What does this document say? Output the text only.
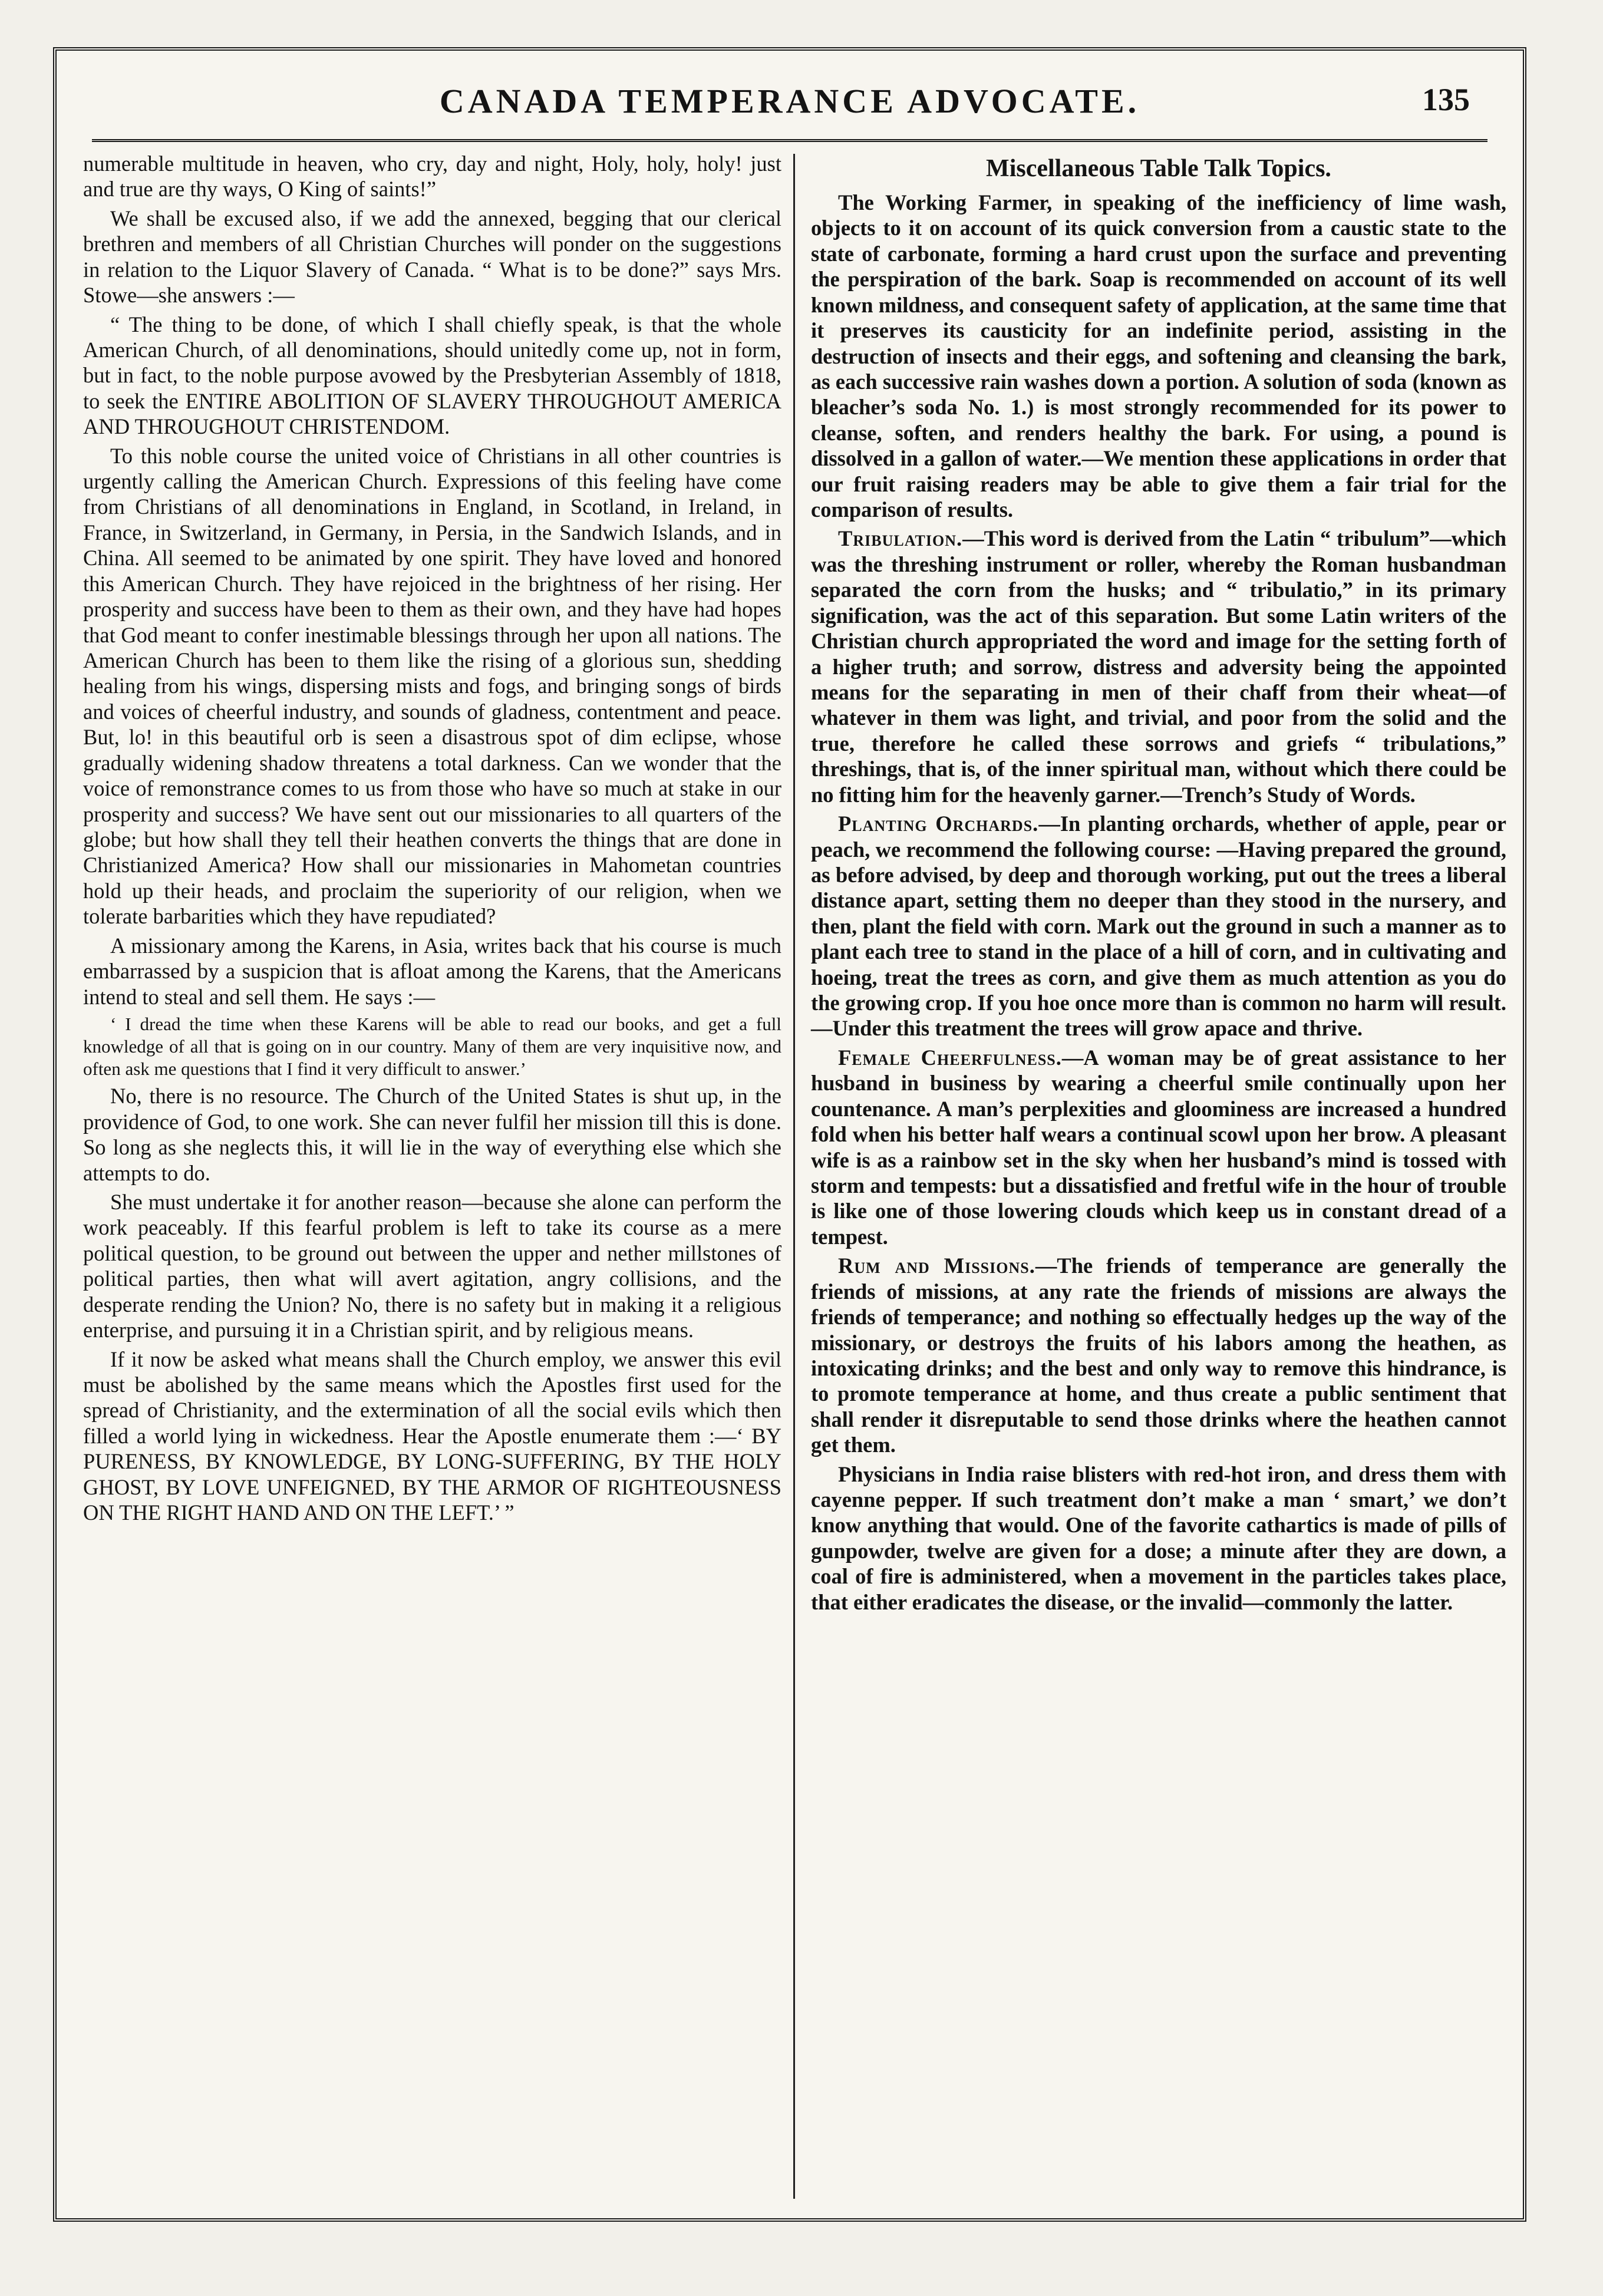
CANADA TEMPERANCE ADVOCATE.	135

numerable multitude in heaven, who cry, day and night, Holy, holy, holy! just and true are thy ways, O King of saints!”

We shall be excused also, if we add the annexed, begging that our clerical brethren and members of all Christian Churches will ponder on the suggestions in relation to the Liquor Slavery of Canada. “ What is to be done?” says Mrs. Stowe—she answers :—

“ The thing to be done, of which I shall chiefly speak, is that the whole American Church, of all denominations, should unitedly come up, not in form, but in fact, to the noble purpose avowed by the Presbyterian Assembly of 1818, to seek the ENTIRE ABOLITION OF SLAVERY THROUGHOUT AMERICA AND THROUGHOUT CHRISTENDOM.

To this noble course the united voice of Christians in all other countries is urgently calling the American Church. Expressions of this feeling have come from Christians of all denominations in England, in Scotland, in Ireland, in France, in Switzerland, in Germany, in Persia, in the Sandwich Islands, and in China. All seemed to be animated by one spirit. They have loved and honored this American Church. They have rejoiced in the brightness of her rising. Her prosperity and success have been to them as their own, and they have had hopes that God meant to confer inestimable blessings through her upon all nations. The American Church has been to them like the rising of a glorious sun, shedding healing from his wings, dispersing mists and fogs, and bringing songs of birds and voices of cheerful industry, and sounds of gladness, contentment and peace. But, lo! in this beautiful orb is seen a disastrous spot of dim eclipse, whose gradually widening shadow threatens a total darkness. Can we wonder that the voice of remonstrance comes to us from those who have so much at stake in our prosperity and success? We have sent out our missionaries to all quarters of the globe; but how shall they tell their heathen converts the things that are done in Christianized America? How shall our missionaries in Mahometan countries hold up their heads, and proclaim the superiority of our religion, when we tolerate barbarities which they have repudiated?

A missionary among the Karens, in Asia, writes back that his course is much embarrassed by a suspicion that is afloat among the Karens, that the Americans intend to steal and sell them. He says :—

‘ I dread the time when these Karens will be able to read our books, and get a full knowledge of all that is going on in our country. Many of them are very inquisitive now, and often ask me questions that I find it very difficult to answer.’

No, there is no resource. The Church of the United States is shut up, in the providence of God, to one work. She can never fulfil her mission till this is done. So long as she neglects this, it will lie in the way of everything else which she attempts to do.

She must undertake it for another reason—because she alone can perform the work peaceably. If this fearful problem is left to take its course as a mere political question, to be ground out between the upper and nether millstones of political parties, then what will avert agitation, angry collisions, and the desperate rending the Union? No, there is no safety but in making it a religious enterprise, and pursuing it in a Christian spirit, and by religious means.

If it now be asked what means shall the Church employ, we answer this evil must be abolished by the same means which the Apostles first used for the spread of Christianity, and the extermination of all the social evils which then filled a world lying in wickedness. Hear the Apostle enumerate them :—‘ BY PURENESS, BY KNOWLEDGE, BY LONG-SUFFERING, BY THE HOLY GHOST, BY LOVE UNFEIGNED, BY THE ARMOR OF RIGHTEOUSNESS ON THE RIGHT HAND AND ON THE LEFT.’ ”

Miscellaneous Table Talk Topics.

The Working Farmer, in speaking of the inefficiency of lime wash, objects to it on account of its quick conversion from a caustic state to the state of carbonate, forming a hard crust upon the surface and preventing the perspiration of the bark. Soap is recommended on account of its well known mildness, and consequent safety of application, at the same time that it preserves its causticity for an indefinite period, assisting in the destruction of insects and their eggs, and softening and cleansing the bark, as each successive rain washes down a portion. A solution of soda (known as bleacher’s soda No. 1.) is most strongly recommended for its power to cleanse, soften, and renders healthy the bark. For using, a pound is dissolved in a gallon of water.—We mention these applications in order that our fruit raising readers may be able to give them a fair trial for the comparison of results.

Tribulation.—This word is derived from the Latin “ tribulum”—which was the threshing instrument or roller, whereby the Roman husbandman separated the corn from the husks; and “ tribulatio,” in its primary signification, was the act of this separation. But some Latin writers of the Christian church appropriated the word and image for the setting forth of a higher truth; and sorrow, distress and adversity being the appointed means for the separating in men of their chaff from their wheat—of whatever in them was light, and trivial, and poor from the solid and the true, therefore he called these sorrows and griefs “ tribulations,” threshings, that is, of the inner spiritual man, without which there could be no fitting him for the heavenly garner.—Trench’s Study of Words.

Planting Orchards.—In planting orchards, whether of apple, pear or peach, we recommend the following course: —Having prepared the ground, as before advised, by deep and thorough working, put out the trees a liberal distance apart, setting them no deeper than they stood in the nursery, and then, plant the field with corn. Mark out the ground in such a manner as to plant each tree to stand in the place of a hill of corn, and in cultivating and hoeing, treat the trees as corn, and give them as much attention as you do the growing crop. If you hoe once more than is common no harm will result.—Under this treatment the trees will grow apace and thrive.

Female Cheerfulness.—A woman may be of great assistance to her husband in business by wearing a cheerful smile continually upon her countenance. A man’s perplexities and gloominess are increased a hundred fold when his better half wears a continual scowl upon her brow. A pleasant wife is as a rainbow set in the sky when her husband’s mind is tossed with storm and tempests: but a dissatisfied and fretful wife in the hour of trouble is like one of those lowering clouds which keep us in constant dread of a tempest.

Rum and Missions.—The friends of temperance are generally the friends of missions, at any rate the friends of missions are always the friends of temperance; and nothing so effectually hedges up the way of the missionary, or destroys the fruits of his labors among the heathen, as intoxicating drinks; and the best and only way to remove this hindrance, is to promote temperance at home, and thus create a public sentiment that shall render it disreputable to send those drinks where the heathen cannot get them.

Physicians in India raise blisters with red-hot iron, and dress them with cayenne pepper. If such treatment don’t make a man ‘ smart,’ we don’t know anything that would. One of the favorite cathartics is made of pills of gunpowder, twelve are given for a dose; a minute after they are down, a coal of fire is administered, when a movement in the particles takes place, that either eradicates the disease, or the invalid—commonly the latter.
